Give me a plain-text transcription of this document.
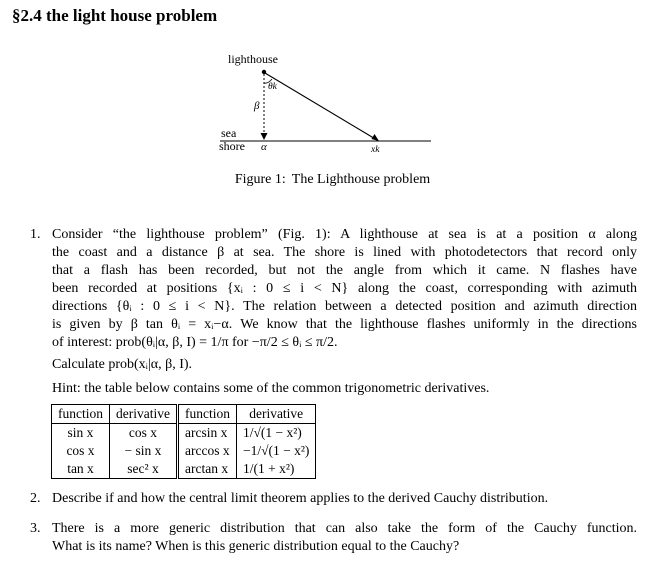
§2.4 the light house problem
lighthouse
θk
β
sea
shore α	xk
Figure 1: The Lighthouse problem
1. Consider “the lighthouse problem” (Fig. 1): A lighthouse at sea is at a position α along
the coast and a distance β at sea. The shore is lined with photodetectors that record only
that a flash has been recorded, but not the angle from which it came. N flashes have
been recorded at positions {xᵢ : 0 ≤ i < N} along the coast, corresponding with azimuth
directions {θᵢ : 0 ≤ i < N}. The relation between a detected position and azimuth direction
is given by β tan θᵢ = xᵢ−α. We know that the lighthouse flashes uniformly in the directions
of interest: prob(θᵢ|α, β, I) = 1/π for −π/2 ≤ θᵢ ≤ π/2.
Calculate prob(xᵢ|α, β, I).
Hint: the table below contains some of the common trigonometric derivatives.
function	derivative	function	derivative
sin x	cos x	arcsin x	1/√(1 − x²)
cos x	− sin x	arccos x	−1/√(1 − x²)
tan x	sec² x	arctan x	1/(1 + x²)
2. Describe if and how the central limit theorem applies to the derived Cauchy distribution.
3. There is a more generic distribution that can also take the form of the Cauchy function.
What is its name? When is this generic distribution equal to the Cauchy?
